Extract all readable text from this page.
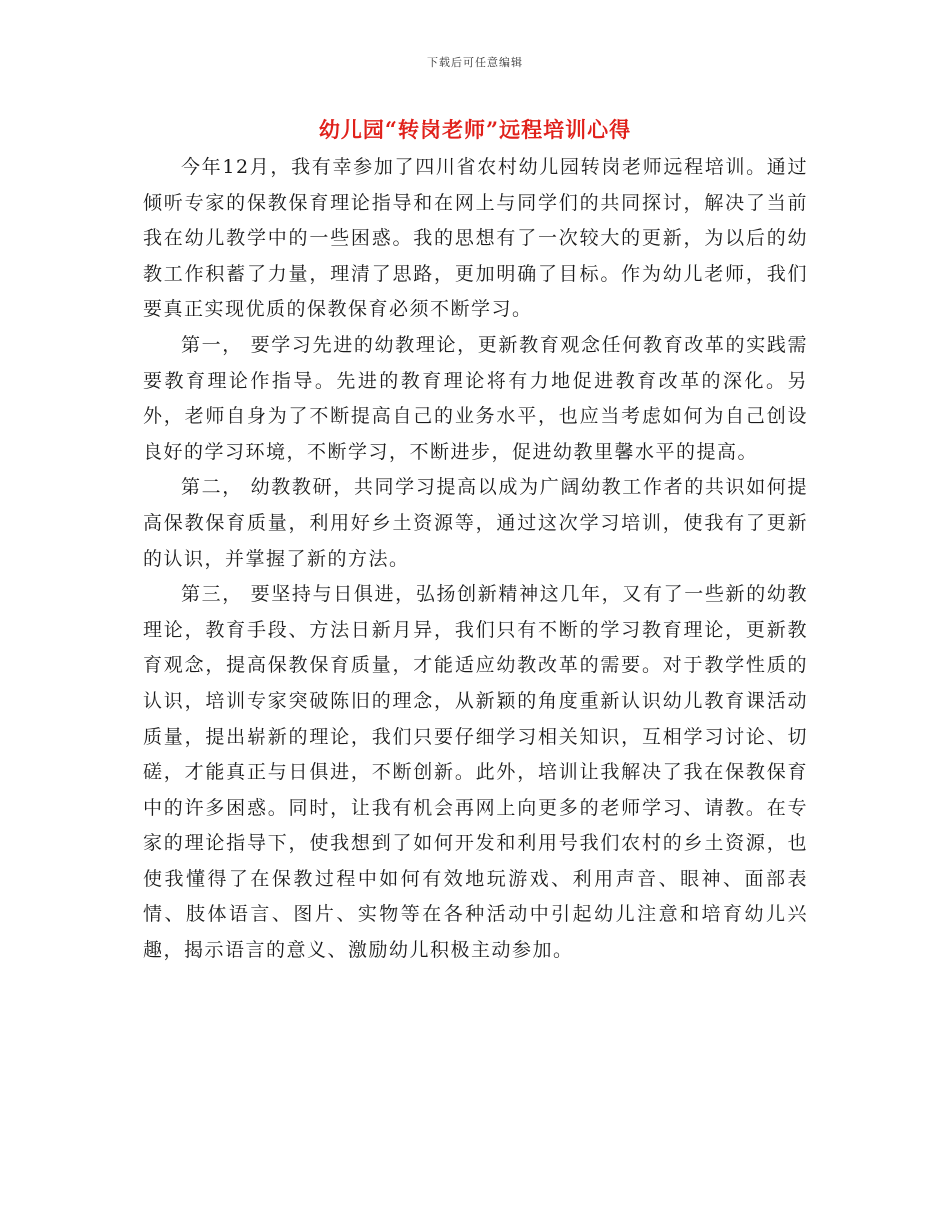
下载后可任意编辑
幼儿园“转岗老师”远程培训心得

今年12月，我有幸参加了四川省农村幼儿园转岗老师远程培训。通过倾听专家的保教保育理论指导和在网上与同学们的共同探讨，解决了当前我在幼儿教学中的一些困惑。我的思想有了一次较大的更新，为以后的幼教工作积蓄了力量，理清了思路，更加明确了目标。作为幼儿老师，我们要真正实现优质的保教保育必须不断学习。

第一， 要学习先进的幼教理论，更新教育观念任何教育改革的实践需要教育理论作指导。先进的教育理论将有力地促进教育改革的深化。另外，老师自身为了不断提高自己的业务水平，也应当考虑如何为自己创设良好的学习环境，不断学习，不断进步，促进幼教里馨水平的提高。

第二， 幼教教研，共同学习提高以成为广阔幼教工作者的共识如何提高保教保育质量，利用好乡土资源等，通过这次学习培训，使我有了更新的认识，并掌握了新的方法。

第三， 要坚持与日俱进，弘扬创新精神这几年，又有了一些新的幼教理论，教育手段、方法日新月异，我们只有不断的学习教育理论，更新教育观念，提高保教保育质量，才能适应幼教改革的需要。对于教学性质的认识，培训专家突破陈旧的理念，从新颖的角度重新认识幼儿教育课活动质量，提出崭新的理论，我们只要仔细学习相关知识，互相学习讨论、切磋，才能真正与日俱进，不断创新。此外，培训让我解决了我在保教保育中的许多困惑。同时，让我有机会再网上向更多的老师学习、请教。在专家的理论指导下，使我想到了如何开发和利用号我们农村的乡土资源，也使我懂得了在保教过程中如何有效地玩游戏、利用声音、眼神、面部表情、肢体语言、图片、实物等在各种活动中引起幼儿注意和培育幼儿兴趣，揭示语言的意义、激励幼儿积极主动参加。
